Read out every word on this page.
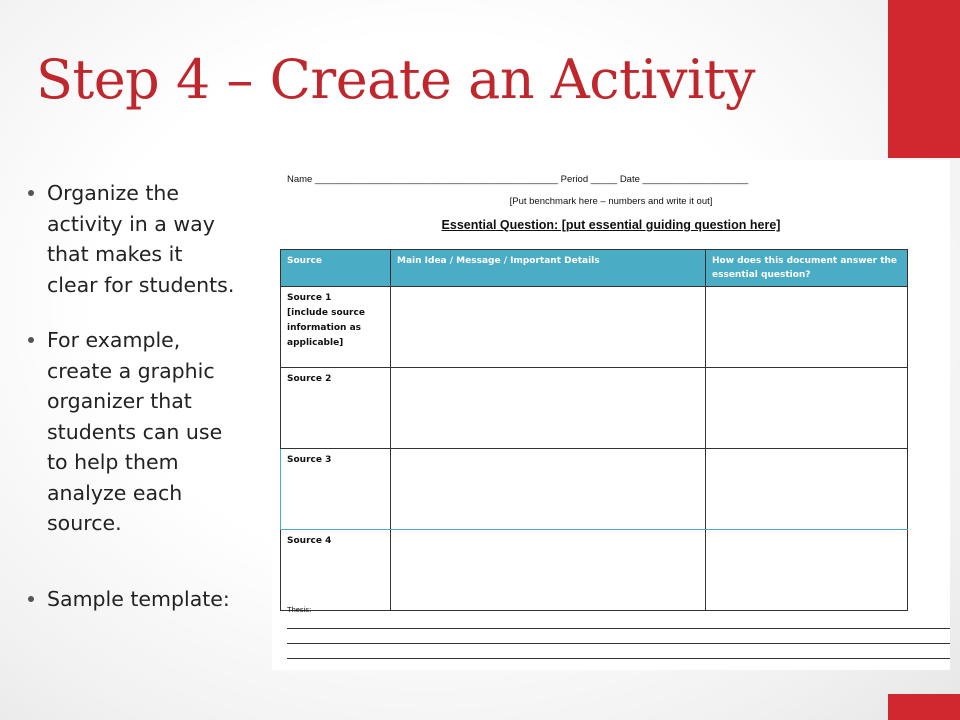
Step 4 – Create an Activity
Organize the
activity in a way
that makes it
clear for students.
For example,
create a graphic
organizer that
students can use
to help them
analyze each
source.
Sample template:
Name ______________________________________________ Period _____ Date ____________________
[Put benchmark here – numbers and write it out]
Essential Question: [put essential guiding question here]
Source	Main Idea / Message / Important Details	How does this document answer the essential question?

Source 1
[include source
information as
applicable]		

Source 2		

Source 3		

Source 4		

Thesis:
